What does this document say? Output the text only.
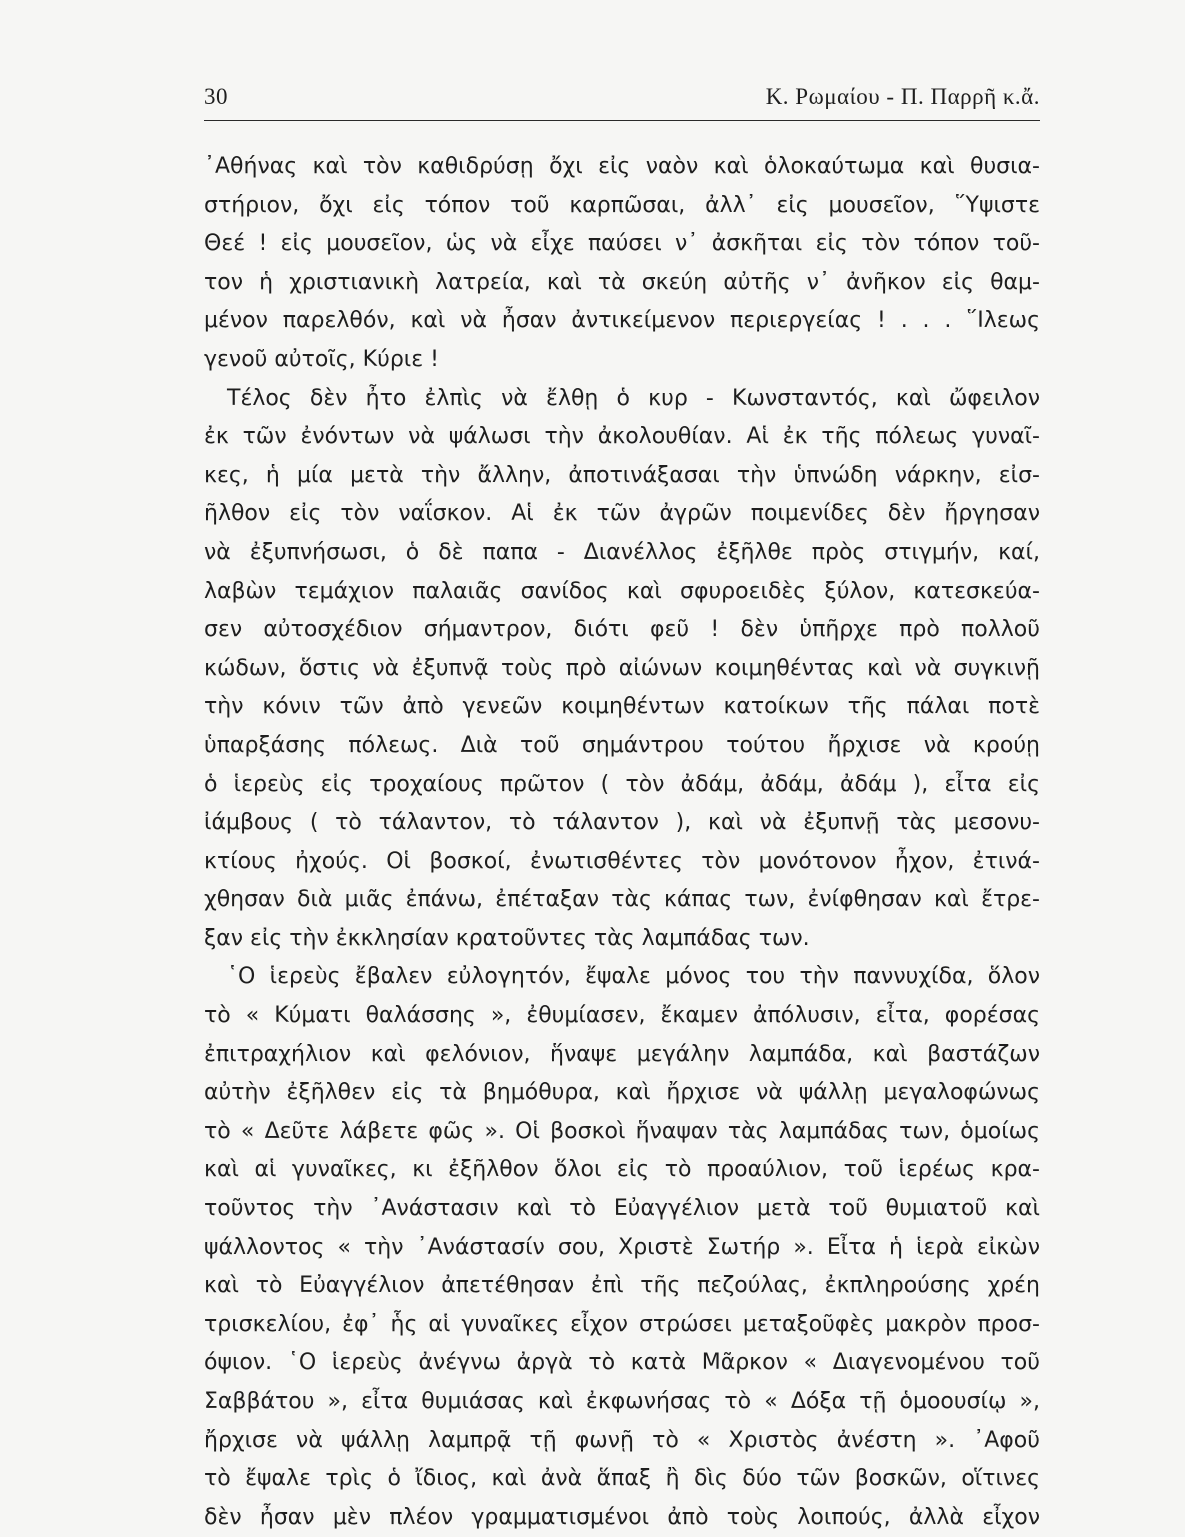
30	Κ. Ρωμαίου - Π. Παρρῆ κ.ἄ.
᾿Αθήνας καὶ τὸν καθιδρύσῃ ὄχι εἰς ναὸν καὶ ὁλοκαύτωμα καὶ θυσια-
στήριον, ὄχι εἰς τόπον τοῦ καρπῶσαι, ἀλλ᾿ εἰς μουσεῖον, ῞Υψιστε
Θεέ ! εἰς μουσεῖον, ὡς νὰ εἶχε παύσει ν᾿ ἀσκῆται εἰς τὸν τόπον τοῦ-
τον ἡ χριστιανικὴ λατρεία, καὶ τὰ σκεύη αὐτῆς ν᾿ ἀνῆκον εἰς θαμ-
μένον παρελθόν, καὶ νὰ ἦσαν ἀντικείμενον περιεργείας ! . . . ῞Ιλεως
γενοῦ αὐτοῖς, Κύριε !
Τέλος δὲν ἦτο ἐλπὶς νὰ ἔλθῃ ὁ κυρ - Κωνσταντός, καὶ ὤφειλον
ἐκ τῶν ἐνόντων νὰ ψάλωσι τὴν ἀκολουθίαν. Αἱ ἐκ τῆς πόλεως γυναῖ-
κες, ἡ μία μετὰ τὴν ἄλλην, ἀποτινάξασαι τὴν ὑπνώδη νάρκην, εἰσ-
ῆλθον εἰς τὸν ναΐσκον. Αἱ ἐκ τῶν ἀγρῶν ποιμενίδες δὲν ἤργησαν
νὰ ἐξυπνήσωσι, ὁ δὲ παπα - Διανέλλος ἐξῆλθε πρὸς στιγμήν, καί,
λαβὼν τεμάχιον παλαιᾶς σανίδος καὶ σφυροειδὲς ξύλον, κατεσκεύα-
σεν αὐτοσχέδιον σήμαντρον, διότι φεῦ ! δὲν ὑπῆρχε πρὸ πολλοῦ
κώδων, ὅστις νὰ ἐξυπνᾷ τοὺς πρὸ αἰώνων κοιμηθέντας καὶ νὰ συγκινῇ
τὴν κόνιν τῶν ἀπὸ γενεῶν κοιμηθέντων κατοίκων τῆς πάλαι ποτὲ
ὑπαρξάσης πόλεως. Διὰ τοῦ σημάντρου τούτου ἤρχισε νὰ κρούῃ
ὁ ἱερεὺς εἰς τροχαίους πρῶτον ( τὸν ἀδάμ, ἀδάμ, ἀδάμ ), εἶτα εἰς
ἰάμβους ( τὸ τάλαντον, τὸ τάλαντον ), καὶ νὰ ἐξυπνῇ τὰς μεσονυ-
κτίους ἠχούς. Οἱ βοσκοί, ἐνωτισθέντες τὸν μονότονον ἦχον, ἐτινά-
χθησαν διὰ μιᾶς ἐπάνω, ἐπέταξαν τὰς κάπας των, ἐνίφθησαν καὶ ἔτρε-
ξαν εἰς τὴν ἐκκλησίαν κρατοῦντες τὰς λαμπάδας των.
῾Ο ἱερεὺς ἔβαλεν εὐλογητόν, ἔψαλε μόνος του τὴν παννυχίδα, ὅλον
τὸ « Κύματι θαλάσσης », ἐθυμίασεν, ἔκαμεν ἀπόλυσιν, εἶτα, φορέσας
ἐπιτραχήλιον καὶ φελόνιον, ἥναψε μεγάλην λαμπάδα, καὶ βαστάζων
αὐτὴν ἐξῆλθεν εἰς τὰ βημόθυρα, καὶ ἤρχισε νὰ ψάλλῃ μεγαλοφώνως
τὸ « Δεῦτε λάβετε φῶς ». Οἱ βοσκοὶ ἥναψαν τὰς λαμπάδας των, ὁμοίως
καὶ αἱ γυναῖκες, κι ἐξῆλθον ὅλοι εἰς τὸ προαύλιον, τοῦ ἱερέως κρα-
τοῦντος τὴν ᾿Ανάστασιν καὶ τὸ Εὐαγγέλιον μετὰ τοῦ θυμιατοῦ καὶ
ψάλλοντος « τὴν ᾿Ανάστασίν σου, Χριστὲ Σωτήρ ». Εἶτα ἡ ἱερὰ εἰκὼν
καὶ τὸ Εὐαγγέλιον ἀπετέθησαν ἐπὶ τῆς πεζούλας, ἐκπληρούσης χρέη
τρισκελίου, ἐφ᾿ ἧς αἱ γυναῖκες εἶχον στρώσει μεταξοῦφὲς μακρὸν προσ-
όψιον. ῾Ο ἱερεὺς ἀνέγνω ἀργὰ τὸ κατὰ Μᾶρκον « Διαγενομένου τοῦ
Σαββάτου », εἶτα θυμιάσας καὶ ἐκφωνήσας τὸ « Δόξα τῇ ὁμοουσίῳ »,
ἤρχισε νὰ ψάλλῃ λαμπρᾷ τῇ φωνῇ τὸ « Χριστὸς ἀνέστη ». ᾿Αφοῦ
τὸ ἔψαλε τρὶς ὁ ἴδιος, καὶ ἀνὰ ἅπαξ ἢ δὶς δύο τῶν βοσκῶν, οἵτινες
δὲν ἦσαν μὲν πλέον γραμματισμένοι ἀπὸ τοὺς λοιπούς, ἀλλὰ εἶχον
